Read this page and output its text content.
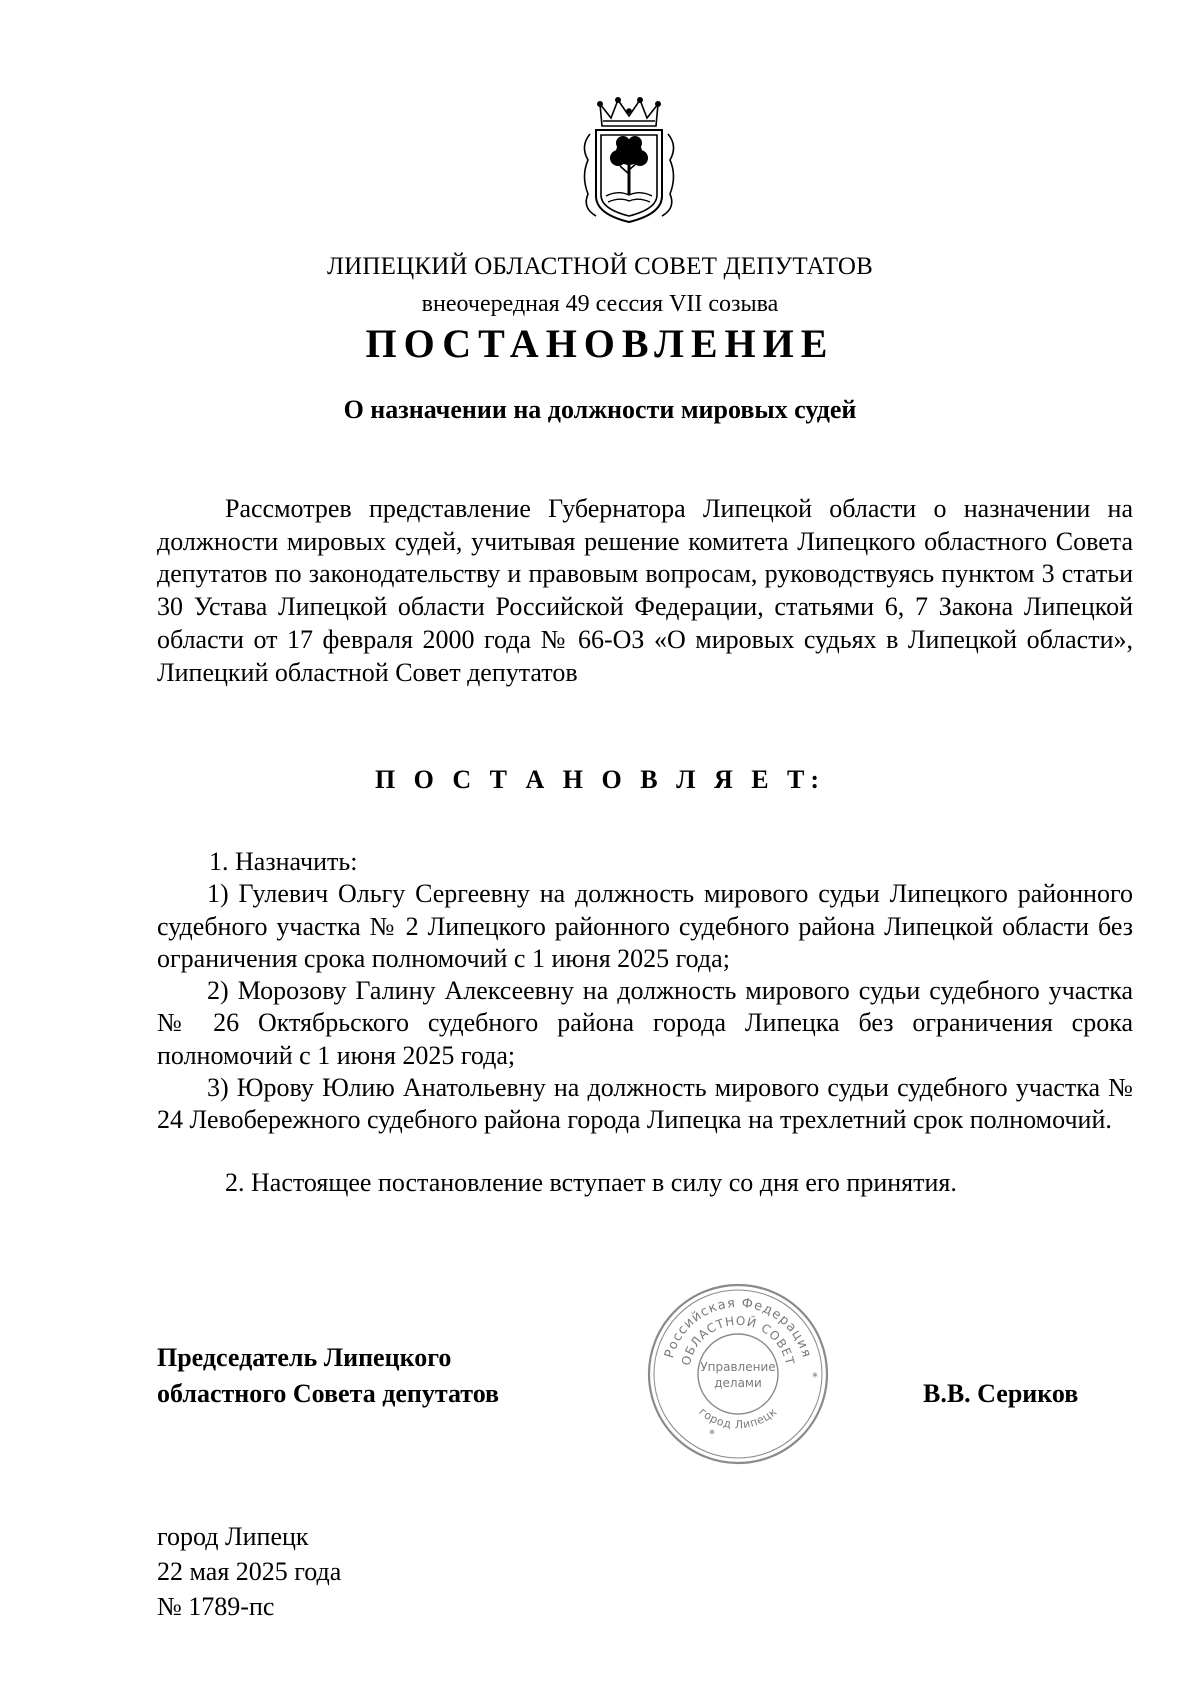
ЛИПЕЦКИЙ ОБЛАСТНОЙ СОВЕТ ДЕПУТАТОВ
внеочередная 49 сессия VII созыва
ПОСТАНОВЛЕНИЕ
О назначении на должности мировых судей

Рассмотрев представление Губернатора Липецкой области о назначении на должности мировых судей, учитывая решение комитета Липецкого областного Совета депутатов по законодательству и правовым вопросам, руководствуясь пунктом 3 статьи 30 Устава Липецкой области Российской Федерации, статьями 6, 7 Закона Липецкой области от 17 февраля 2000 года № 66-ОЗ «О мировых судьях в Липецкой области», Липецкий областной Совет депутатов

П О С Т А Н О В Л Я Е Т:

1. Назначить:

1) Гулевич Ольгу Сергеевну на должность мирового судьи Липецкого районного судебного участка № 2 Липецкого районного судебного района Липецкой области без ограничения срока полномочий с 1 июня 2025 года;

2) Морозову Галину Алексеевну на должность мирового судьи судебного участка № 26 Октябрьского судебного района города Липецка без ограничения срока полномочий с 1 июня 2025 года;

3) Юрову Юлию Анатольевну на должность мирового судьи судебного участка № 24 Левобережного судебного района города Липецка на трехлетний срок полномочий.

2. Настоящее постановление вступает в силу со дня его принятия.

Российская Федерация
ОБЛАСТНОЙ СОВЕТ
город Липецк
Управление
делами	*
*
Председатель Липецкого
областного Совета депутатов	В.В. Сериков
город Липецк
22 мая 2025 года
№ 1789-пс
